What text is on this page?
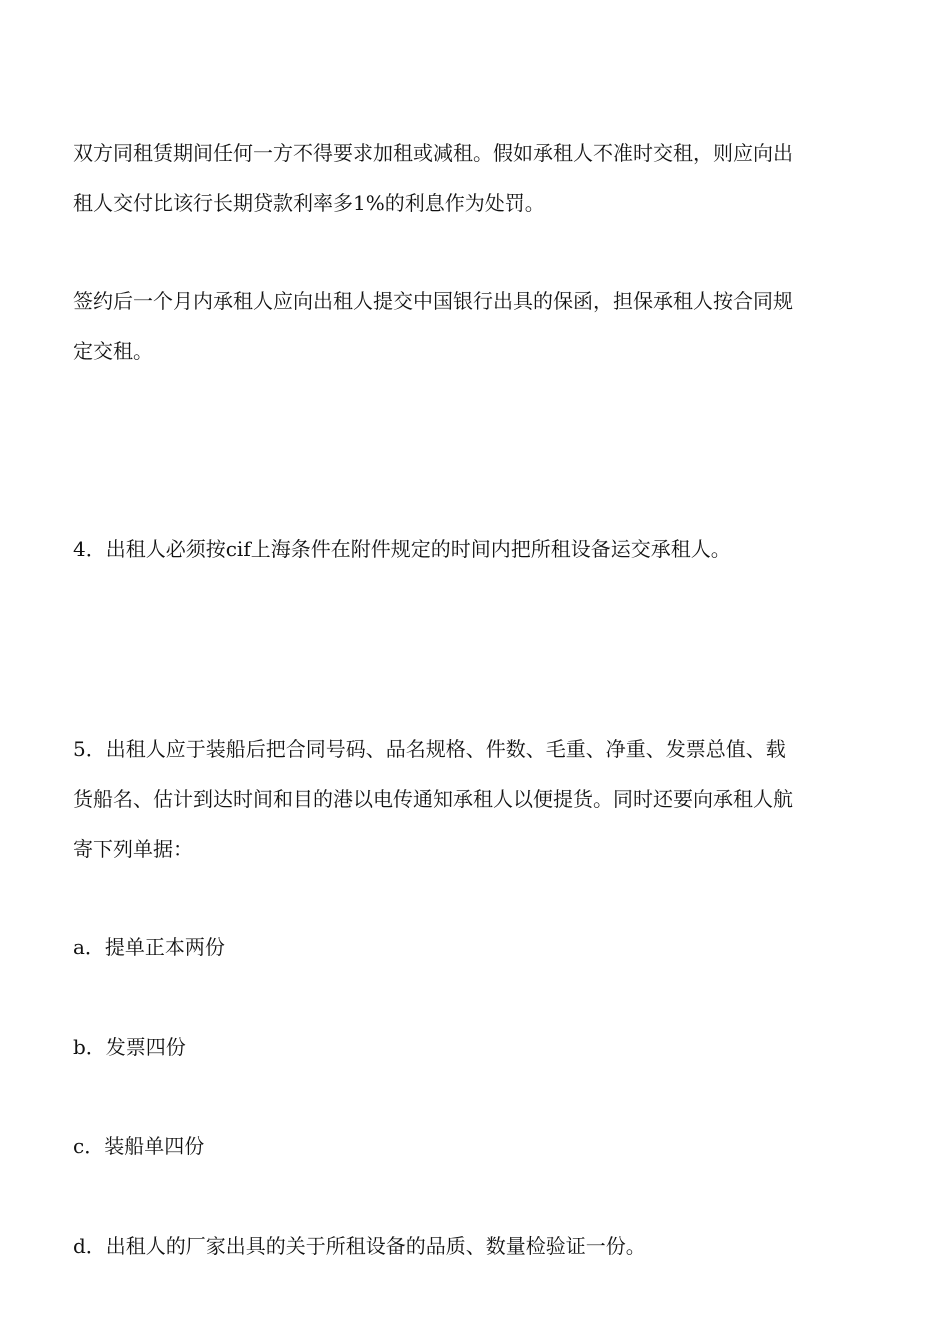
双方同租赁期间任何一方不得要求加租或减租。假如承租人不准时交租，则应向出
租人交付比该行长期贷款利率多1%的利息作为处罚。

签约后一个月内承租人应向出租人提交中国银行出具的保函，担保承租人按合同规
定交租。

4．出租人必须按cif上海条件在附件规定的时间内把所租设备运交承租人。

5．出租人应于装船后把合同号码、品名规格、件数、毛重、净重、发票总值、载
货船名、估计到达时间和目的港以电传通知承租人以便提货。同时还要向承租人航
寄下列单据：

a．提单正本两份

b．发票四份

c．装船单四份

d．出租人的厂家出具的关于所租设备的品质、数量检验证一份。
